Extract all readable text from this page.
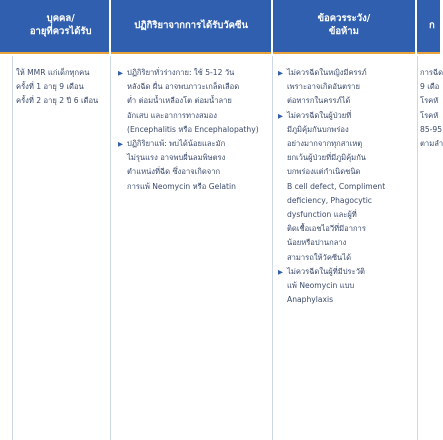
บุคคล/
อายุที่ควรได้รับ
ปฏิกิริยาจากการได้รับวัคซีน
ข้อควรระวัง/
ข้อห้าม
ก

ให้ MMR แก่เด็กทุกคน

ครั้งที่ 1 อายุ 9 เดือน

ครั้งที่ 2 อายุ 2 ปี 6 เดือน

▶ ปฏิกิริยาทั่วร่างกาย: ใช้ 5-12 วัน

หลังฉีด ผื่น อาจพบภาวะเกล็ดเลือด

ต่ำ ต่อมน้ำเหลืองโต ต่อมน้ำลาย

อักเสบ และอาการทางสมอง

(Encephalitis หรือ Encephalopathy)

▶ ปฏิกิริยาแพ้: พบได้น้อยและมัก

ไม่รุนแรง อาจพบผื่นลมพิษตรง

ตำแหน่งที่ฉีด ซึ่งอาจเกิดจาก

การแพ้ Neomycin หรือ Gelatin

▶ ไม่ควรฉีดในหญิงมีครรภ์

เพราะอาจเกิดอันตราย

ต่อทารกในครรภ์ได้

▶ ไม่ควรฉีดในผู้ป่วยที่

มีภูมิคุ้มกันบกพร่อง

อย่างมากจากทุกสาเหตุ

ยกเว้นผู้ป่วยที่มีภูมิคุ้มกัน

บกพร่องแต่กำเนิดชนิด

B cell defect, Compliment

deficiency, Phagocytic

dysfunction และผู้ที่

ติดเชื้อเอชไอวีที่มีอาการ

น้อยหรือปานกลาง

สามารถให้วัคซีนได้

▶ ไม่ควรฉีดในผู้ที่มีประวัติ

แพ้ Neomycin แบบ

Anaphylaxis

การฉีด

9 เดือ

โรคหั

โรคหั

85-95

ตามลำ
